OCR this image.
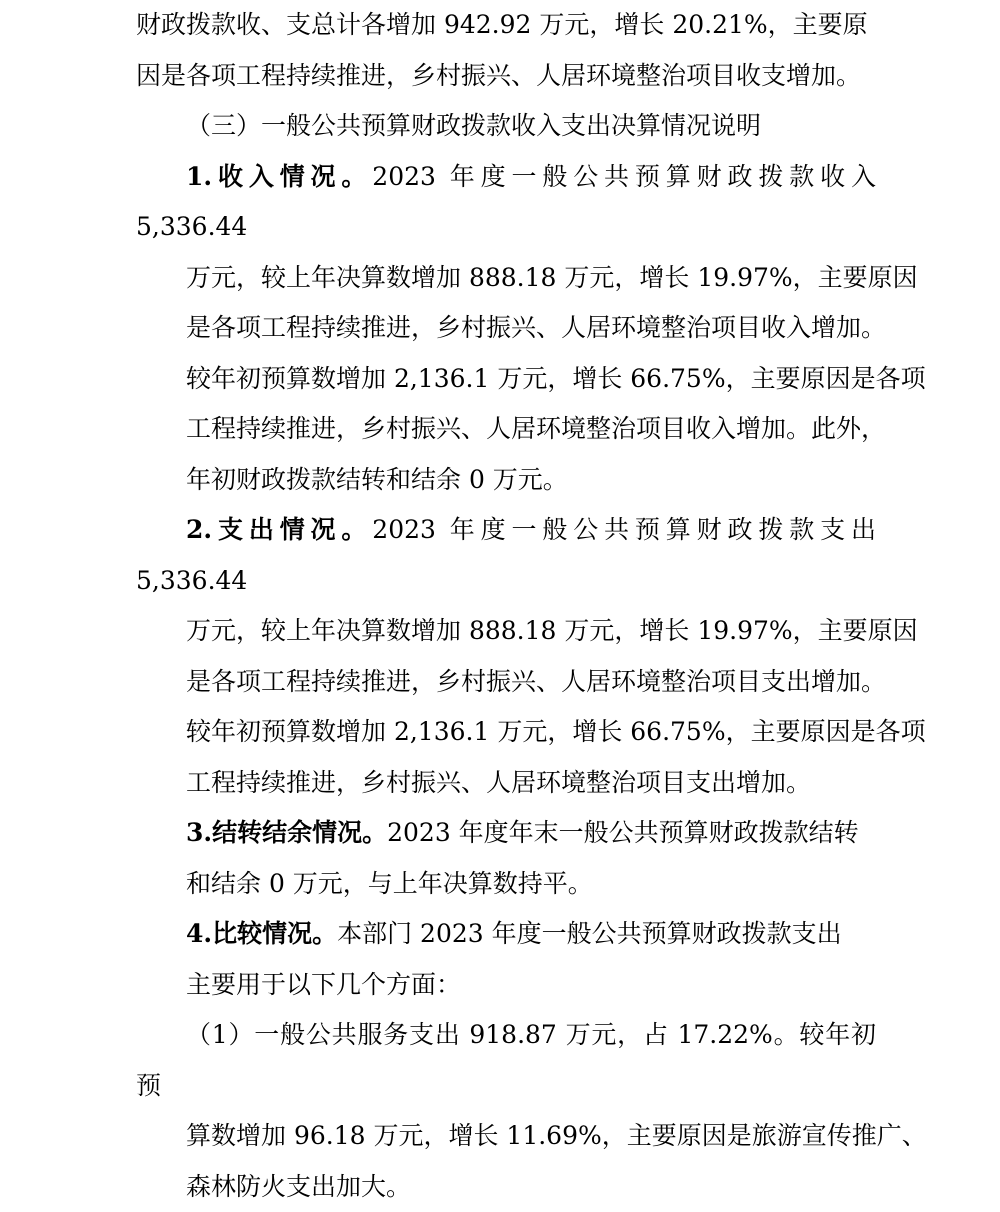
财政拨款收、支总计各增加 942.92 万元，增长 20.21%，主要原
因是各项工程持续推进，乡村振兴、人居环境整治项目收支增加。

（三）一般公共预算财政拨款收入支出决算情况说明

1.收入情况。2023 年度一般公共预算财政拨款收入 5,336.44
万元，较上年决算数增加 888.18 万元，增长 19.97%，主要原因
是各项工程持续推进，乡村振兴、人居环境整治项目收入增加。
较年初预算数增加 2,136.1 万元，增长 66.75%，主要原因是各项
工程持续推进，乡村振兴、人居环境整治项目收入增加。此外，
年初财政拨款结转和结余 0 万元。

2.支出情况。2023 年度一般公共预算财政拨款支出 5,336.44
万元，较上年决算数增加 888.18 万元，增长 19.97%，主要原因
是各项工程持续推进，乡村振兴、人居环境整治项目支出增加。
较年初预算数增加 2,136.1 万元，增长 66.75%，主要原因是各项
工程持续推进，乡村振兴、人居环境整治项目支出增加。

3.结转结余情况。2023 年度年末一般公共预算财政拨款结转
和结余 0 万元，与上年决算数持平。

4.比较情况。本部门 2023 年度一般公共预算财政拨款支出
主要用于以下几个方面：

（1）一般公共服务支出 918.87 万元，占 17.22%。较年初预
算数增加 96.18 万元，增长 11.69%，主要原因是旅游宣传推广、
森林防火支出加大。
